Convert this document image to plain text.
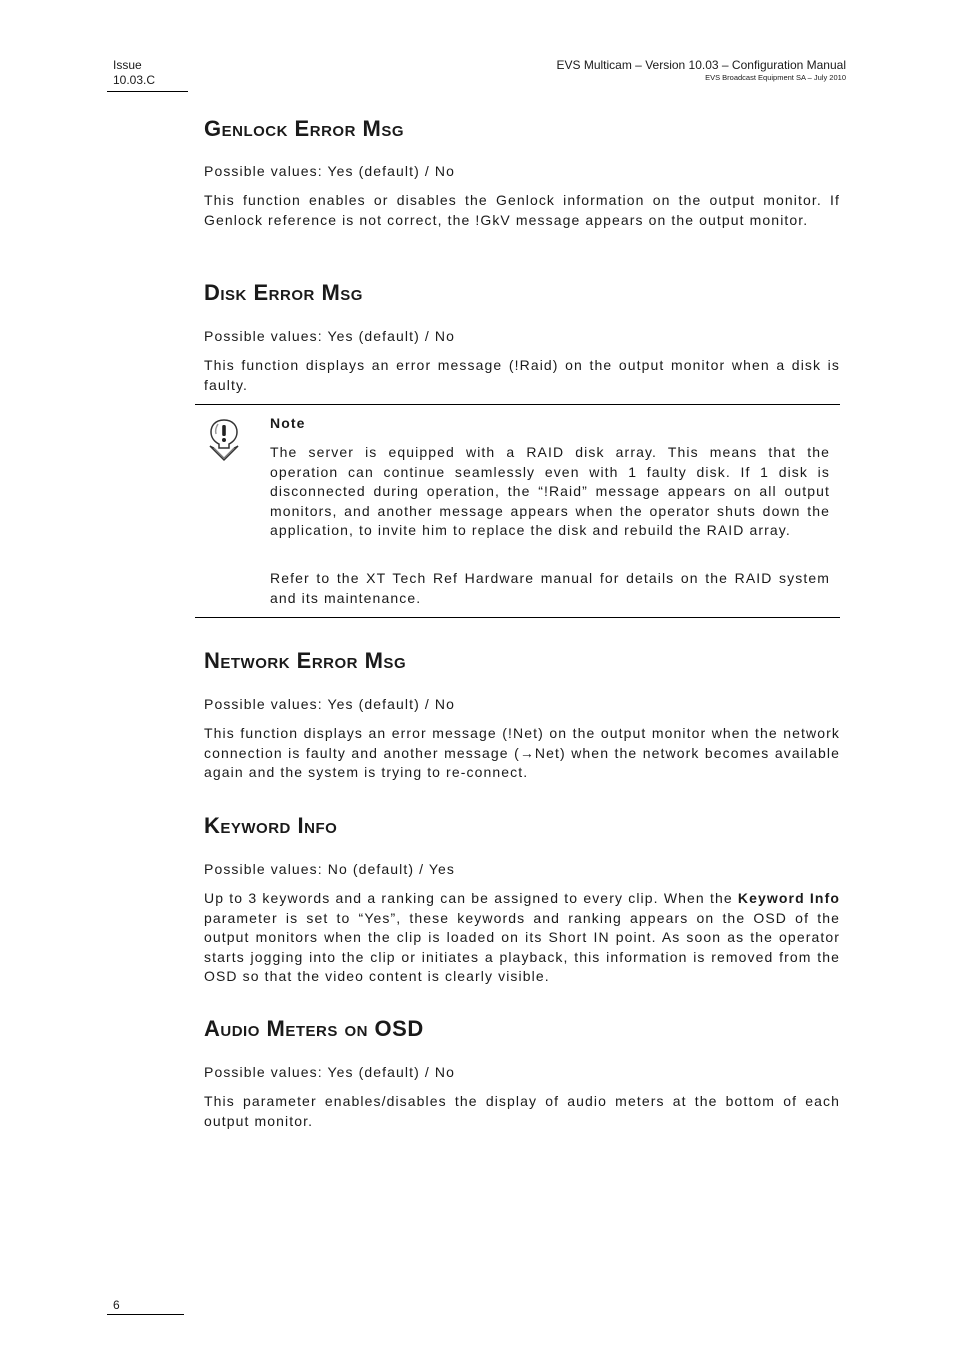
Issue
10.03.C
EVS Multicam – Version 10.03 – Configuration Manual
EVS Broadcast Equipment SA – July 2010
Genlock Error Msg

Possible values: Yes (default) / No

This function enables or disables the Genlock information on the output monitor. If Genlock reference is not correct, the !GkV message appears on the output monitor.

Disk Error Msg

Possible values: Yes (default) / No

This function displays an error message (!Raid) on the output monitor when a disk is faulty.

Note

The server is equipped with a RAID disk array. This means that the operation can continue seamlessly even with 1 faulty disk. If 1 disk is disconnected during operation, the “!Raid” message appears on all output monitors, and another message appears when the operator shuts down the application, to invite him to replace the disk and rebuild the RAID array.

Refer to the XT Tech Ref Hardware manual for details on the RAID system and its maintenance.

Network Error Msg

Possible values: Yes (default) / No

This function displays an error message (!Net) on the output monitor when the network connection is faulty and another message (→Net) when the network becomes available again and the system is trying to re-connect.

Keyword Info

Possible values: No (default) / Yes

Up to 3 keywords and a ranking can be assigned to every clip. When the Keyword Info parameter is set to “Yes”, these keywords and ranking appears on the OSD of the output monitors when the clip is loaded on its Short IN point. As soon as the operator starts jogging into the clip or initiates a playback, this information is removed from the OSD so that the video content is clearly visible.

Audio Meters on OSD

Possible values: Yes (default) / No

This parameter enables/disables the display of audio meters at the bottom of each output monitor.

6
